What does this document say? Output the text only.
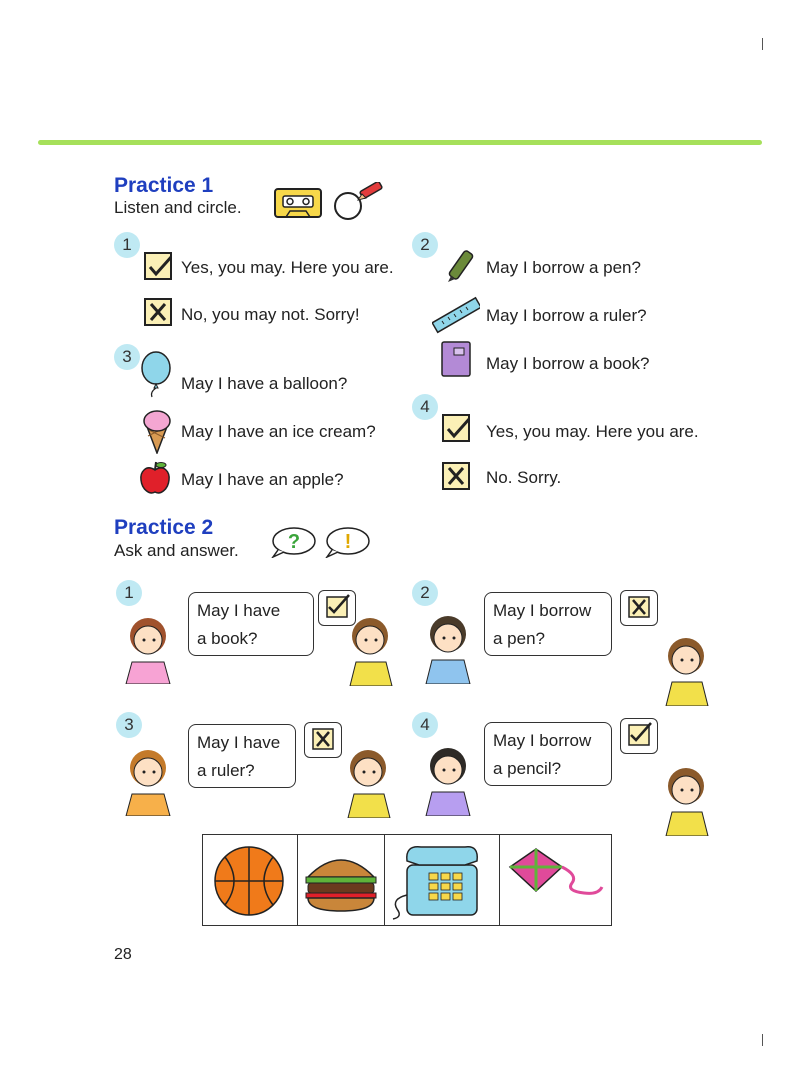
Practice 1
Listen and circle.
1
Yes, you may. Here you are.
No, you may not. Sorry!
3
May I have a balloon?
May I have an ice cream?
May I have an apple?
2
May I borrow a pen?
May I borrow a ruler?
May I borrow a book?
4
Yes, you may. Here you are.
No. Sorry.
Practice 2
Ask and answer. ? !
1
May I have
a book?
2
May I borrow
a pen?
3
May I have
a ruler?
4
May I borrow
a pencil?
28
